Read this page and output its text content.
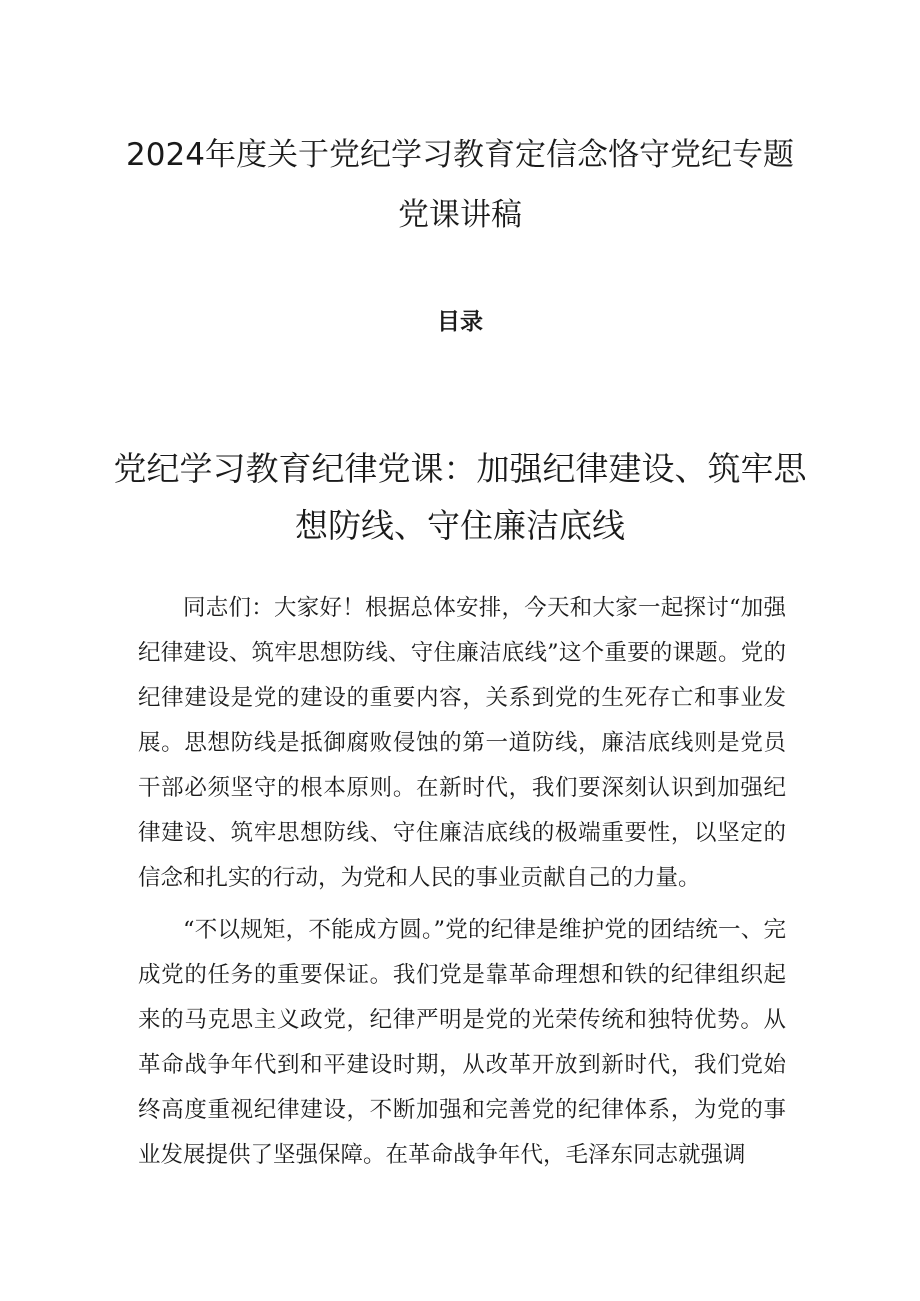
2024年度关于党纪学习教育定信念恪守党纪专题党课讲稿
目录
党纪学习教育纪律党课：加强纪律建设、筑牢思想防线、守住廉洁底线

同志们：大家好！根据总体安排，今天和大家一起探讨“加强纪律建设、筑牢思想防线、守住廉洁底线”这个重要的课题。党的纪律建设是党的建设的重要内容，关系到党的生死存亡和事业发展。思想防线是抵御腐败侵蚀的第一道防线，廉洁底线则是党员干部必须坚守的根本原则。在新时代，我们要深刻认识到加强纪律建设、筑牢思想防线、守住廉洁底线的极端重要性，以坚定的信念和扎实的行动，为党和人民的事业贡献自己的力量。

“不以规矩，不能成方圆。”党的纪律是维护党的团结统一、完成党的任务的重要保证。我们党是靠革命理想和铁的纪律组织起来的马克思主义政党，纪律严明是党的光荣传统和独特优势。从革命战争年代到和平建设时期，从改革开放到新时代，我们党始终高度重视纪律建设，不断加强和完善党的纪律体系，为党的事业发展提供了坚强保障。在革命战争年代，毛泽东同志就强调
